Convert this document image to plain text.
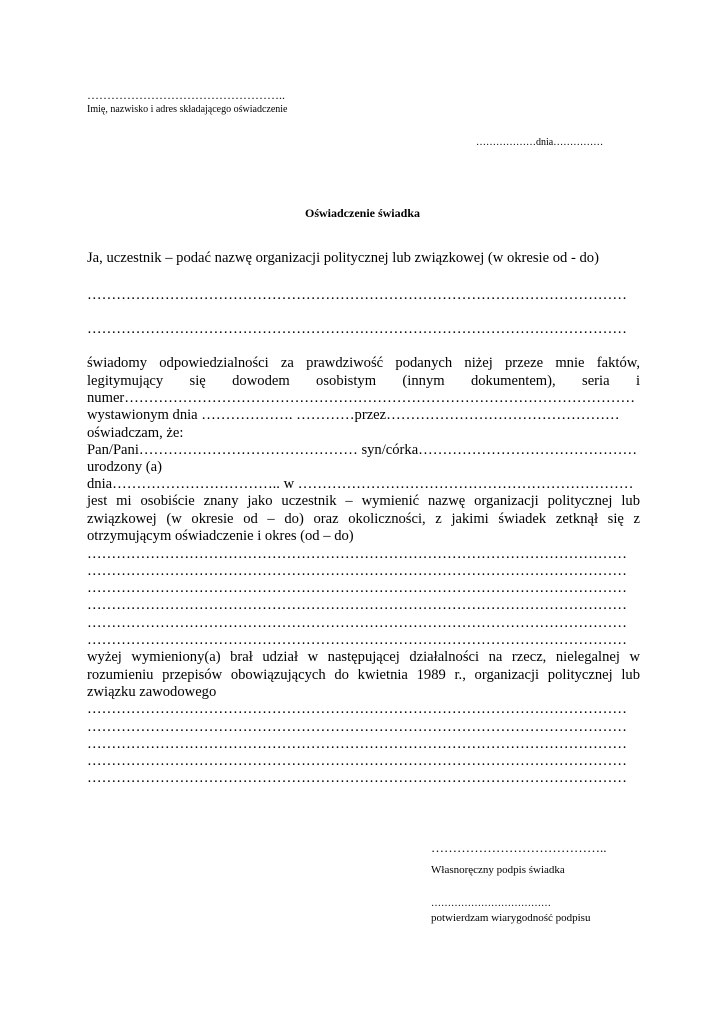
…………………………………………..
Imię, nazwisko i adres składającego oświadczenie
………………dnia……………
Oświadczenie świadka
Ja, uczestnik – podać nazwę organizacji politycznej lub związkowej (w okresie od - do)
…………………………………………………………………………………………………
…………………………………………………………………………………………………
świadomy odpowiedzialności za prawdziwość podanych niżej przeze mnie faktów,
legitymujący się dowodem osobistym (innym dokumentem), seria i
numer……………………………………………………………………………………………
wystawionym dnia ………………. …………przez…………………………………………
oświadczam, że:
Pan/Pani……………………………………… syn/córka………………………………………
urodzony (a)
dnia…………………………….. w ……………………………………………………………
jest mi osobiście znany jako uczestnik – wymienić nazwę organizacji politycznej lub
związkowej (w okresie od – do) oraz okoliczności, z jakimi świadek zetknął się z
otrzymującym oświadczenie i okres (od – do)
…………………………………………………………………………………………………
…………………………………………………………………………………………………
…………………………………………………………………………………………………
…………………………………………………………………………………………………
…………………………………………………………………………………………………
…………………………………………………………………………………………………
wyżej wymieniony(a) brał udział w następującej działalności na rzecz, nielegalnej w
rozumieniu przepisów obowiązujących do kwietnia 1989 r., organizacji politycznej lub
związku zawodowego
…………………………………………………………………………………………………
…………………………………………………………………………………………………
…………………………………………………………………………………………………
…………………………………………………………………………………………………
…………………………………………………………………………………………………
…………………………………..
Własnoręczny podpis świadka
………………………………
potwierdzam wiarygodność podpisu
